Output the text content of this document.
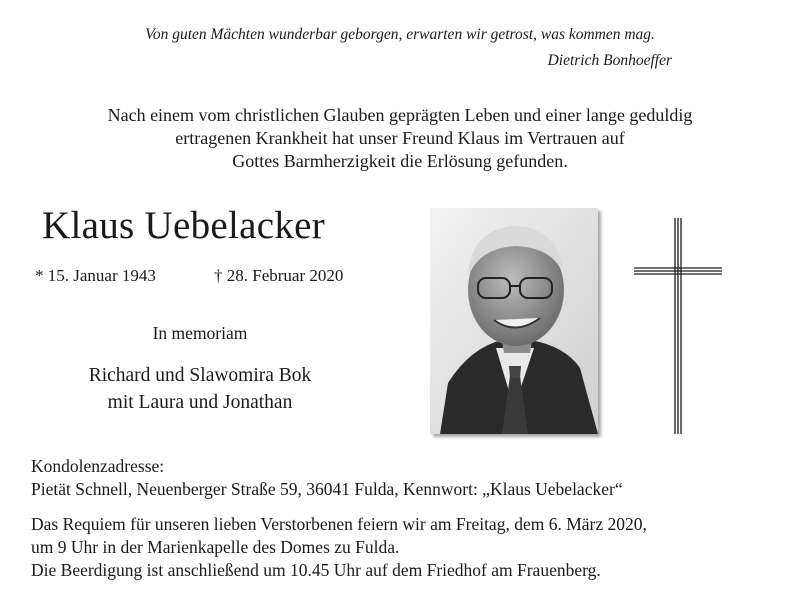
Von guten Mächten wunderbar geborgen, erwarten wir getrost, was kommen mag.
Dietrich Bonhoeffer
Nach einem vom christlichen Glauben geprägten Leben und einer lange geduldig
ertragenen Krankheit hat unser Freund Klaus im Vertrauen auf
Gottes Barmherzigkeit die Erlösung gefunden.
Klaus Uebelacker
* 15. Januar 1943	† 28. Februar 2020
In memoriam
Richard und Slawomira Bok
mit Laura und Jonathan
Kondolenzadresse:
Pietät Schnell, Neuenberger Straße 59, 36041 Fulda, Kennwort: „Klaus Uebelacker“
Das Requiem für unseren lieben Verstorbenen feiern wir am Freitag, dem 6. März 2020,
um 9 Uhr in der Marienkapelle des Domes zu Fulda.
Die Beerdigung ist anschließend um 10.45 Uhr auf dem Friedhof am Frauenberg.
